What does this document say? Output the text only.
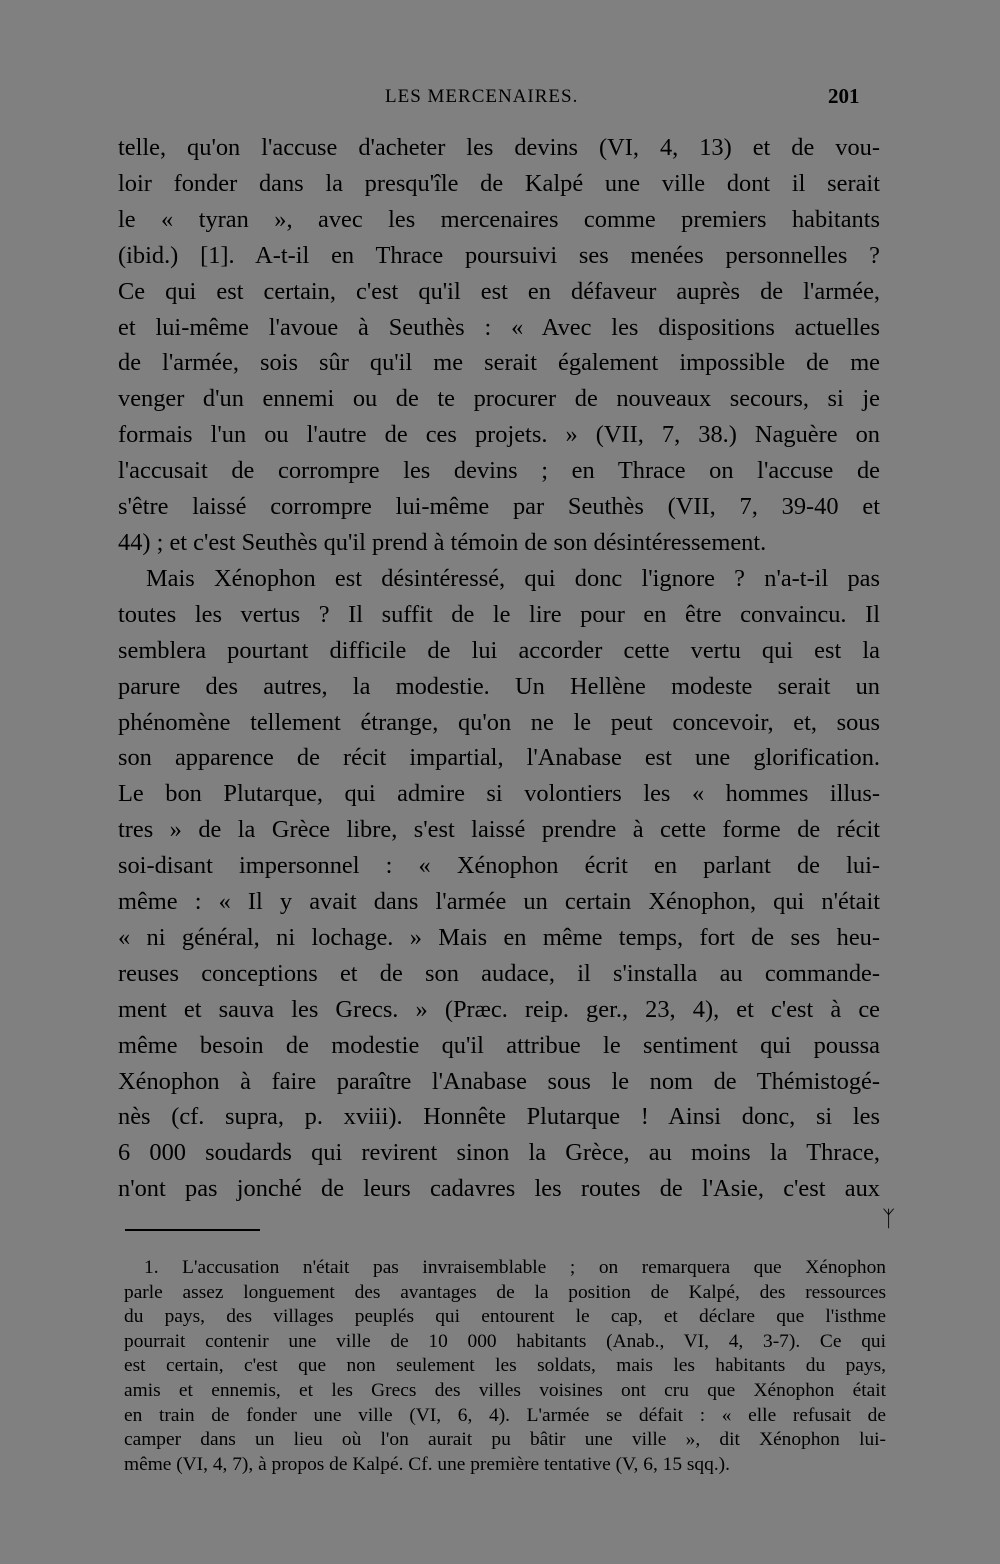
LES MERCENAIRES.	201
telle, qu'on l'accuse d'acheter les devins (VI, 4, 13) et de vou-
loir fonder dans la presqu'île de Kalpé une ville dont il serait
le « tyran », avec les mercenaires comme premiers habitants
(ibid.) [1]. A-t-il en Thrace poursuivi ses menées personnelles ?
Ce qui est certain, c'est qu'il est en défaveur auprès de l'armée,
et lui-même l'avoue à Seuthès : « Avec les dispositions actuelles
de l'armée, sois sûr qu'il me serait également impossible de me
venger d'un ennemi ou de te procurer de nouveaux secours, si je
formais l'un ou l'autre de ces projets. » (VII, 7, 38.) Naguère on
l'accusait de corrompre les devins ; en Thrace on l'accuse de
s'être laissé corrompre lui-même par Seuthès (VII, 7, 39-40 et
44) ; et c'est Seuthès qu'il prend à témoin de son désintéressement.
Mais Xénophon est désintéressé, qui donc l'ignore ? n'a-t-il pas
toutes les vertus ? Il suffit de le lire pour en être convaincu. Il
semblera pourtant difficile de lui accorder cette vertu qui est la
parure des autres, la modestie. Un Hellène modeste serait un
phénomène tellement étrange, qu'on ne le peut concevoir, et, sous
son apparence de récit impartial, l'Anabase est une glorification.
Le bon Plutarque, qui admire si volontiers les « hommes illus-
tres » de la Grèce libre, s'est laissé prendre à cette forme de récit
soi-disant impersonnel : « Xénophon écrit en parlant de lui-
même : « Il y avait dans l'armée un certain Xénophon, qui n'était
« ni général, ni lochage. » Mais en même temps, fort de ses heu-
reuses conceptions et de son audace, il s'installa au commande-
ment et sauva les Grecs. » (Præc. reip. ger., 23, 4), et c'est à ce
même besoin de modestie qu'il attribue le sentiment qui poussa
Xénophon à faire paraître l'Anabase sous le nom de Thémistogé-
nès (cf. supra, p. xviii). Honnête Plutarque ! Ainsi donc, si les
6 000 soudards qui revirent sinon la Grèce, au moins la Thrace,
n'ont pas jonché de leurs cadavres les routes de l'Asie, c'est aux
ᛉ
1. L'accusation n'était pas invraisemblable ; on remarquera que Xénophon
parle assez longuement des avantages de la position de Kalpé, des ressources
du pays, des villages peuplés qui entourent le cap, et déclare que l'isthme
pourrait contenir une ville de 10 000 habitants (Anab., VI, 4, 3-7). Ce qui
est certain, c'est que non seulement les soldats, mais les habitants du pays,
amis et ennemis, et les Grecs des villes voisines ont cru que Xénophon était
en train de fonder une ville (VI, 6, 4). L'armée se défait : « elle refusait de
camper dans un lieu où l'on aurait pu bâtir une ville », dit Xénophon lui-
même (VI, 4, 7), à propos de Kalpé. Cf. une première tentative (V, 6, 15 sqq.).
